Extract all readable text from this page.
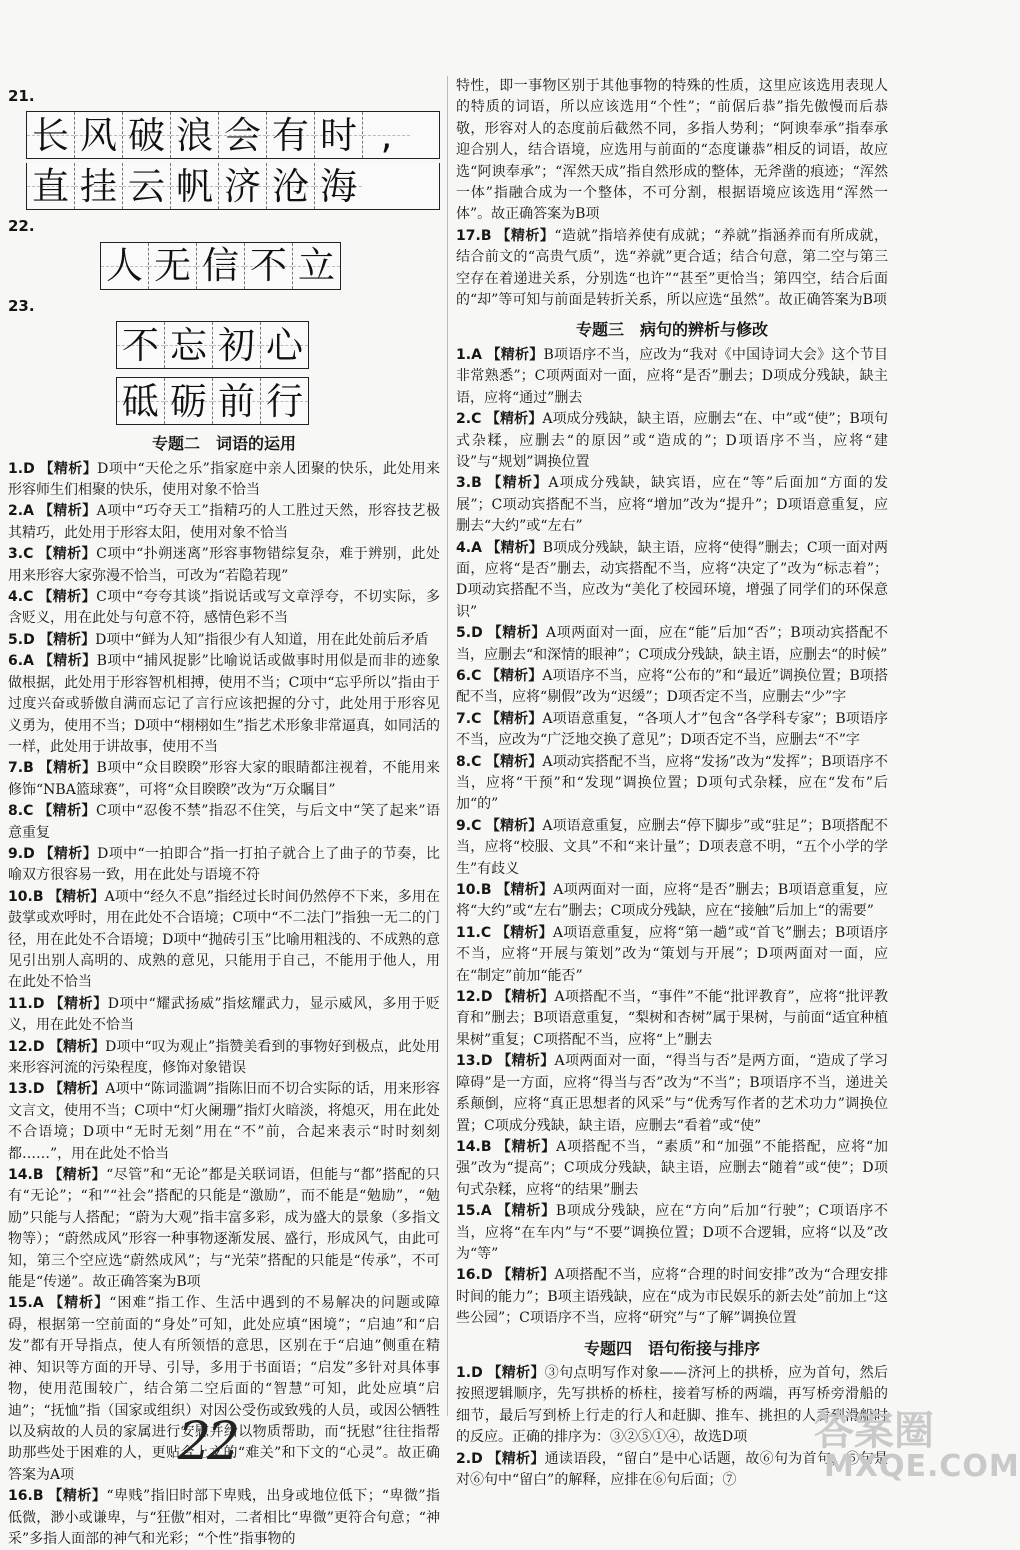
21.
长 风 破 浪 会 有 时 ,
直 挂 云 帆 济 沧 海
22.
人 无 信 不 立
23.
不 忘 初 心

砥 砺 前 行
专题二　词语的运用

1.D 【精析】D项中“天伦之乐”指家庭中亲人团聚的快乐，此处用来形容师生们相聚的快乐，使用对象不恰当

2.A 【精析】A项中“巧夺天工”指精巧的人工胜过天然，形容技艺极其精巧，此处用于形容太阳，使用对象不恰当

3.C 【精析】C项中“扑朔迷离”形容事物错综复杂，难于辨别，此处用来形容大家弥漫不恰当，可改为“若隐若现”

4.C 【精析】C项中“夸夸其谈”指说话或写文章浮夸，不切实际，多含贬义，用在此处与句意不符，感情色彩不当

5.D 【精析】D项中“鲜为人知”指很少有人知道，用在此处前后矛盾

6.A 【精析】B项中“捕风捉影”比喻说话或做事时用似是而非的迹象做根据，此处用于形容智机相搏，使用不当；C项中“忘乎所以”指由于过度兴奋或骄傲自满而忘记了言行应该把握的分寸，此处用于形容见义勇为，使用不当；D项中“栩栩如生”指艺术形象非常逼真，如同活的一样，此处用于讲故事，使用不当

7.B 【精析】B项中“众目睽睽”形容大家的眼睛都注视着，不能用来修饰“NBA篮球赛”，可将“众目睽睽”改为“万众瞩目”

8.C 【精析】C项中“忍俊不禁”指忍不住笑，与后文中“笑了起来”语意重复

9.D 【精析】D项中“一拍即合”指一打拍子就合上了曲子的节奏，比喻双方很容易一致，用在此处与语境不符

10.B 【精析】A项中“经久不息”指经过长时间仍然停不下来，多用在鼓掌或欢呼时，用在此处不合语境；C项中“不二法门”指独一无二的门径，用在此处不合语境；D项中“抛砖引玉”比喻用粗浅的、不成熟的意见引出别人高明的、成熟的意见，只能用于自己，不能用于他人，用在此处不恰当

11.D 【精析】D项中“耀武扬威”指炫耀武力，显示威风，多用于贬义，用在此处不恰当

12.D 【精析】D项中“叹为观止”指赞美看到的事物好到极点，此处用来形容河流的污染程度，修饰对象错误

13.D 【精析】A项中“陈词滥调”指陈旧而不切合实际的话，用来形容文言文，使用不当；C项中“灯火阑珊”指灯火暗淡，将熄灭，用在此处不合语境；D项中“无时无刻”用在“不”前，合起来表示“时时刻刻都……”，用在此处不恰当

14.B 【精析】“尽管”和“无论”都是关联词语，但能与“都”搭配的只有“无论”；“和”“社会”搭配的只能是“激励”，而不能是“勉励”，“勉励”只能与人搭配；“蔚为大观”指丰富多彩，成为盛大的景象（多指文物等）；“蔚然成风”形容一种事物逐渐发展、盛行，形成风气，由此可知，第三个空应选“蔚然成风”；与“光荣”搭配的只能是“传承”，不可能是“传递”。故正确答案为B项

15.A 【精析】“困难”指工作、生活中遇到的不易解决的问题或障碍，根据第一空前面的“身处”可知，此处应填“困境”；“启迪”和“启发”都有开导指点，使人有所领悟的意思，区别在于“启迪”侧重在精神、知识等方面的开导、引导，多用于书面语；“启发”多针对具体事物，使用范围较广，结合第二空后面的“智慧”可知，此处应填“启迪”；“抚恤”指（国家或组织）对因公受伤或致残的人员，或因公牺牲以及病故的人员的家属进行安慰并给以物质帮助，而“抚慰”往往指帮助那些处于困难的人，更贴合上文的“难关”和下文的“心灵”。故正确答案为A项

16.B 【精析】“卑贱”指旧时部下卑贱，出身或地位低下；“卑微”指低微，渺小或谦卑，与“狂傲”相对，二者相比“卑微”更符合句意；“神采”多指人面部的神气和光彩；“个性”指事物的

特性，即一事物区别于其他事物的特殊的性质，这里应该选用表现人的特质的词语，所以应该选用“个性”；“前倨后恭”指先傲慢而后恭敬，形容对人的态度前后截然不同，多指人势利；“阿谀奉承”指奉承迎合别人，结合语境，应选用与前面的“态度谦恭”相反的词语，故应选“阿谀奉承”；“浑然天成”指自然形成的整体，无斧凿的痕迹；“浑然一体”指融合成为一个整体，不可分割，根据语境应该选用“浑然一体”。故正确答案为B项

17.B 【精析】“造就”指培养使有成就；“养就”指涵养而有所成就，结合前文的“高贵气质”，选“养就”更合适；结合句意，第二空与第三空存在着递进关系，分别选“也许”“甚至”更恰当；第四空，结合后面的“却”等可知与前面是转折关系，所以应选“虽然”。故正确答案为B项

专题三　病句的辨析与修改

1.A 【精析】B项语序不当，应改为“我对《中国诗词大会》这个节目非常熟悉”；C项两面对一面，应将“是否”删去；D项成分残缺，缺主语，应将“通过”删去

2.C 【精析】A项成分残缺，缺主语，应删去“在、中”或“使”；B项句式杂糅，应删去“的原因”或“造成的”；D项语序不当，应将“建设”与“规划”调换位置

3.B 【精析】A项成分残缺，缺宾语，应在“等”后面加“方面的发展”；C项动宾搭配不当，应将“增加”改为“提升”；D项语意重复，应删去“大约”或“左右”

4.A 【精析】B项成分残缺，缺主语，应将“使得”删去；C项一面对两面，应将“是否”删去，动宾搭配不当，应将“决定了”改为“标志着”；D项动宾搭配不当，应改为“美化了校园环境，增强了同学们的环保意识”

5.D 【精析】A项两面对一面，应在“能”后加“否”；B项动宾搭配不当，应删去“和深情的眼神”；C项成分残缺，缺主语，应删去“的时候”

6.C 【精析】A项语序不当，应将“公布的”和“最近”调换位置；B项搭配不当，应将“剔假”改为“迟缓”；D项否定不当，应删去“少”字

7.C 【精析】A项语意重复，“各项人才”包含“各学科专家”；B项语序不当，应改为“广泛地交换了意见”；D项否定不当，应删去“不”字

8.C 【精析】A项动宾搭配不当，应将“发扬”改为“发挥”；B项语序不当，应将“干预”和“发现”调换位置；D项句式杂糅，应在“发布”后加“的”

9.C 【精析】A项语意重复，应删去“停下脚步”或“驻足”；B项搭配不当，应将“校服、文具”不和“来计量”；D项表意不明，“五个小学的学生”有歧义

10.B 【精析】A项两面对一面，应将“是否”删去；B项语意重复，应将“大约”或“左右”删去；C项成分残缺，应在“接触”后加上“的需要”

11.C 【精析】A项语意重复，应将“第一趟”或“首飞”删去；B项语序不当，应将“开展与策划”改为“策划与开展”；D项两面对一面，应在“制定”前加“能否”

12.D 【精析】A项搭配不当，“事件”不能“批评教育”，应将“批评教育和”删去；B项语意重复，“梨树和杏树”属于果树，与前面“适宜种植果树”重复；C项搭配不当，应将“上”删去

13.D 【精析】A项两面对一面，“得当与否”是两方面，“造成了学习障碍”是一方面，应将“得当与否”改为“不当”；B项语序不当，递进关系颠倒，应将“真正思想者的风采”与“优秀写作者的艺术功力”调换位置；C项成分残缺，缺主语，应删去“看着”或“使”

14.B 【精析】A项搭配不当，“素质”和“加强”不能搭配，应将“加强”改为“提高”；C项成分残缺，缺主语，应删去“随着”或“使”；D项句式杂糅，应将“的结果”删去

15.A 【精析】B项成分残缺，应在“方向”后加“行驶”；C项语序不当，应将“在车内”与“不要”调换位置；D项不合逻辑，应将“以及”改为“等”

16.D 【精析】A项搭配不当，应将“合理的时间安排”改为“合理安排时间的能力”；B项主语残缺，应在“成为市民娱乐的新去处”前加上“这些公园”；C项语序不当，应将“研究”与“了解”调换位置

专题四　语句衔接与排序

1.D 【精析】③句点明写作对象——济河上的拱桥，应为首句，然后按照逻辑顺序，先写拱桥的桥柱，接着写桥的两端，再写桥旁滑船的细节，最后写到桥上行走的行人和赶脚、推车、挑担的人看到滑船时的反应。正确的排序为：③②⑤①④，故选D项

2.D 【精析】通读语段，“留白”是中心话题，故⑥句为首句，⑤句是对⑥句中“留白”的解释，应排在⑥句后面；⑦

22	答案圈
MXQE.COM
